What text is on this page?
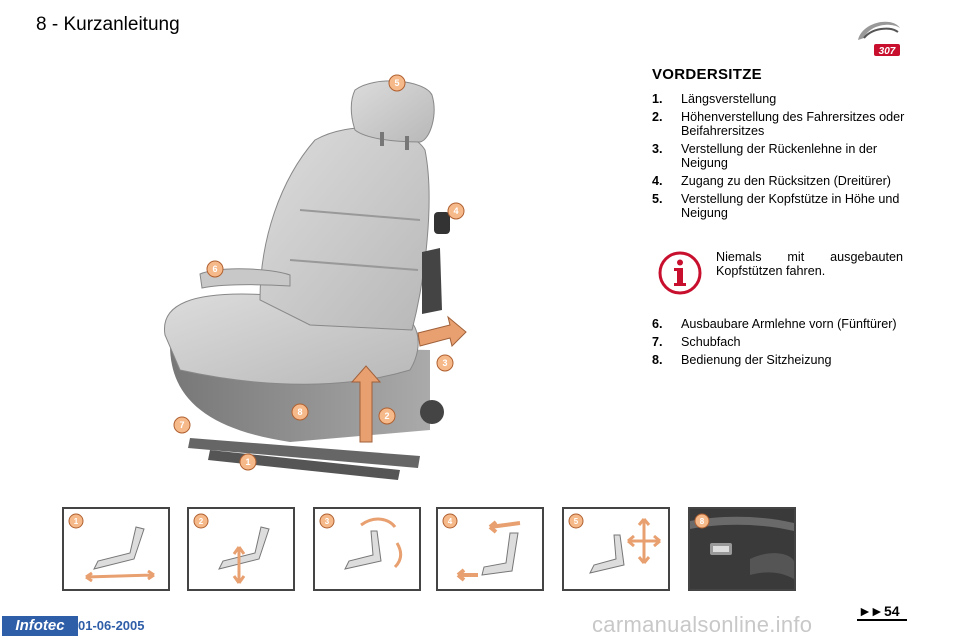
8 - Kurzanleitung
307
VORDERSITZE
1. Längsverstellung
2. Höhenverstellung des Fahrersitzes oder Beifahrersitzes
3. Verstellung der Rückenlehne in der Neigung
4. Zugang zu den Rücksitzen (Dreitürer)
5. Verstellung der Kopfstütze in Höhe und Neigung
Niemals mit ausgebauten Kopfstützen fahren.
6. Ausbaubare Armlehne vorn (Fünftürer)
7. Schubfach
8. Bedienung der Sitzheizung
5
4
6
3
8	2
7
1
1	2	3	4	5	8
Infotec	01-06-2005
►► 54
carmanualsonline.info
